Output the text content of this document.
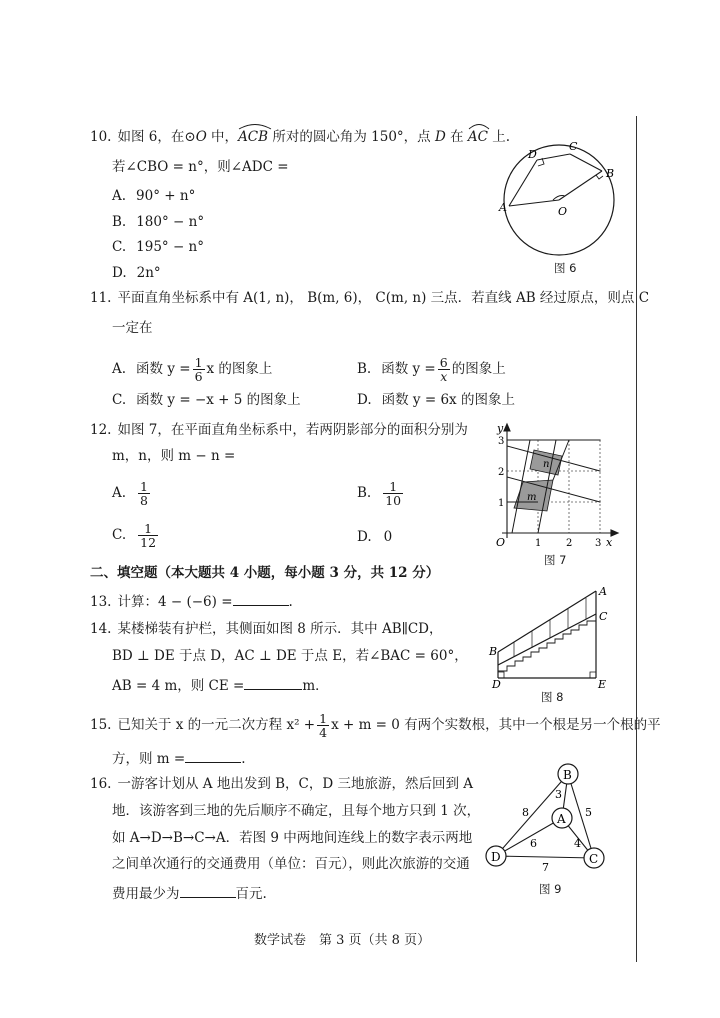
10. 如图 6，在⊙O 中，ACB
所对的圆心角为 150°，点 D 在 AC
上.
若∠CBO = n°，则∠ADC =
A. 90° + n°
B. 180° − n°
C. 195° − n°
D. 2n°
A
B
C
D
O
图 6
11. 平面直角坐标系中有 A(1, n)， B(m, 6)， C(m, n) 三点．若直线 AB 经过原点，则点 C
一定在
A. 函数 $y = \frac{1}{6}$ x 的图象上	B. 函数 $y = \frac{6}{x}$ 的图象上
C. 函数 y = −x + 5 的图象上	D. 函数 y = 6x 的图象上
12. 如图 7，在平面直角坐标系中，若两阴影部分的面积分别为
m，n，则 m − n =
A. $\frac{1}{8}$	B. $\frac{1}{10}$
C. $\frac{1}{12}$	D. 0
y
x
O
1
2
3
1 2 3
n
m
图 7
二、填空题（本大题共 4 小题，每小题 3 分，共 12 分）
13. 计算：4 − (−6) =	.
14. 某楼梯装有护栏，其侧面如图 8 所示．其中 AB∥CD，
BD ⊥ DE 于点 D，AC ⊥ DE 于点 E，若∠BAC = 60°，
AB = 4 m，则 CE =	m．
A
B
C
D	E
图 8
15. 已知关于 x 的一元二次方程 $x^2 + \frac{1}{4}$ x + m = 0 有两个实数根，其中一个根是另一个根的平
方，则 m =	.
16. 一游客计划从 A 地出发到 B，C，D 三地旅游，然后回到 A
地．该游客到三地的先后顺序不确定，且每个地方只到 1 次，
如 A→D→B→C→A．若图 9 中两地间连线上的数字表示两地
之间单次通行的交通费用（单位：百元），则此次旅游的交通
费用最少为	百元.
B
A
D	C
8
3
5
6	4
7
图 9
数学试卷　第 3 页（共 8 页）
